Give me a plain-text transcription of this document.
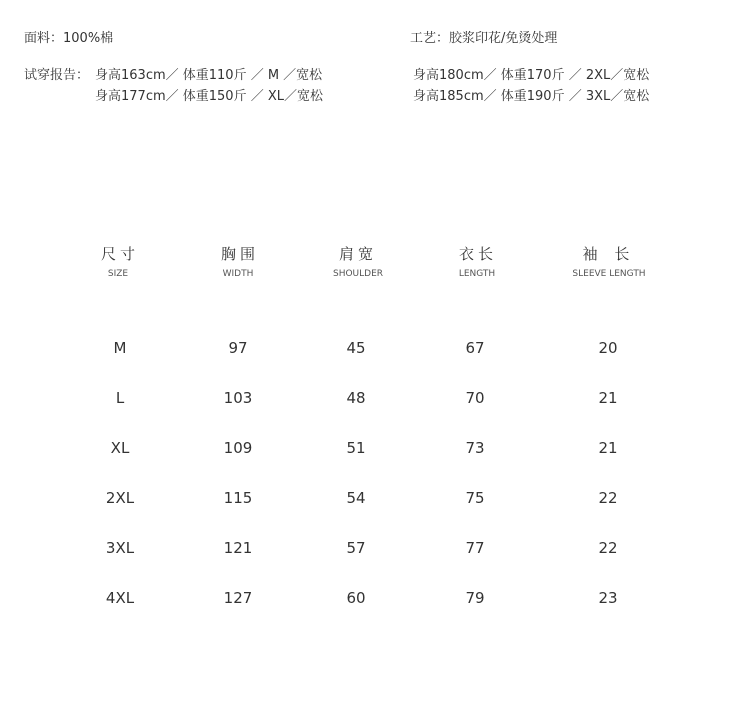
面料：100%棉	工艺：胶浆印花/免烫处理
试穿报告： 身高163cm／ 体重110斤 ／ M ／宽松
身高177cm／ 体重150斤 ／ XL／宽松
身高180cm／ 体重170斤 ／ 2XL／宽松
身高185cm／ 体重190斤 ／ 3XL／宽松
尺寸	胸围	肩宽	衣长	袖 长
SIZE	WIDTH	SHOULDER	LENGTH	SLEEVE LENGTH
M	97	45	67	20
L	103	48	70	21
XL	109	51	73	21
2XL	115	54	75	22
3XL	121	57	77	22
4XL	127	60	79	23
